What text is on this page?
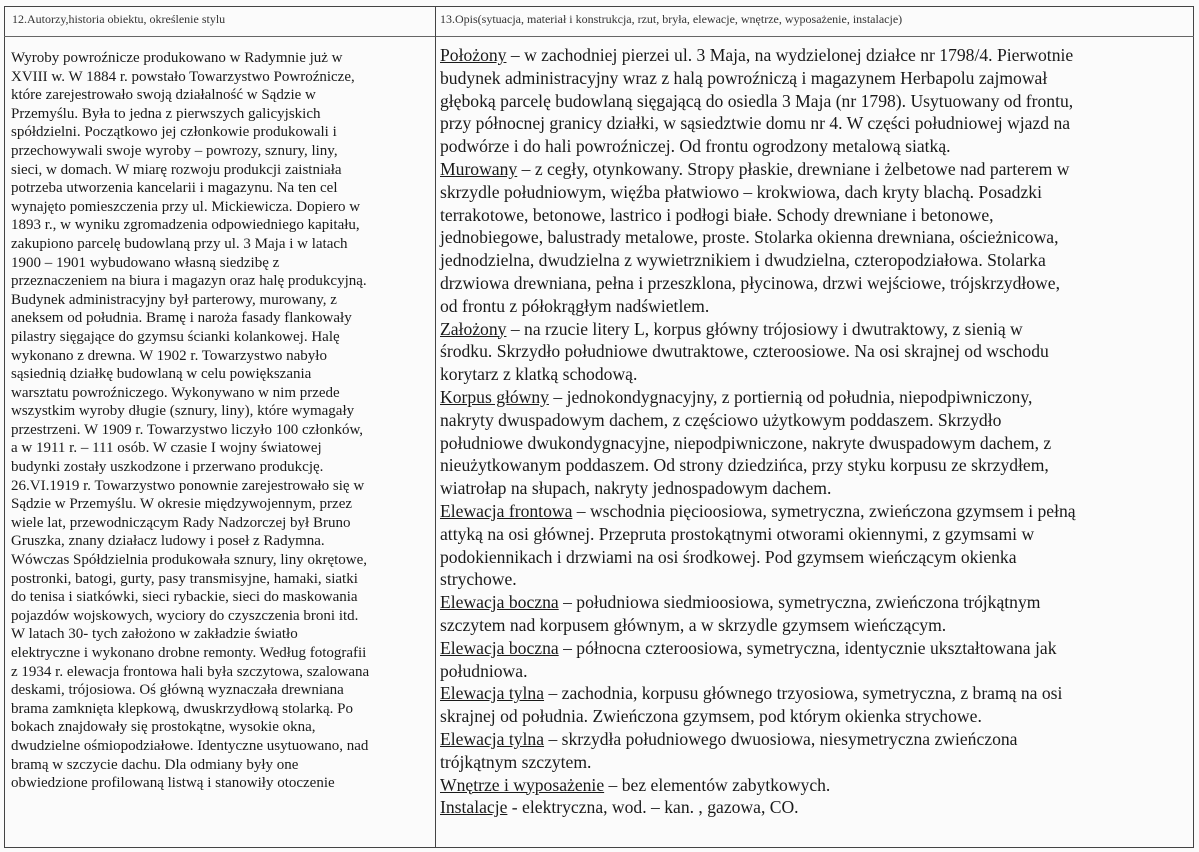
12.Autorzy,historia obiektu, określenie stylu	13.Opis(sytuacja, materiał i konstrukcja, rzut, bryła, elewacje, wnętrze, wyposażenie, instalacje)
Wyroby powroźnicze produkowano w Radymnie już w
XVIII w. W 1884 r. powstało Towarzystwo Powroźnicze,
które zarejestrowało swoją działalność w Sądzie w
Przemyślu. Była to jedna z pierwszych galicyjskich
spółdzielni. Początkowo jej członkowie produkowali i
przechowywali swoje wyroby – powrozy, sznury, liny,
sieci, w domach. W miarę rozwoju produkcji zaistniała
potrzeba utworzenia kancelarii i magazynu. Na ten cel
wynajęto pomieszczenia przy ul. Mickiewicza. Dopiero w
1893 r., w wyniku zgromadzenia odpowiedniego kapitału,
zakupiono parcelę budowlaną przy ul. 3 Maja i w latach
1900 – 1901 wybudowano własną siedzibę z
przeznaczeniem na biura i magazyn oraz halę produkcyjną.
Budynek administracyjny był parterowy, murowany, z
aneksem od południa. Bramę i naroża fasady flankowały
pilastry sięgające do gzymsu ścianki kolankowej. Halę
wykonano z drewna. W 1902 r. Towarzystwo nabyło
sąsiednią działkę budowlaną w celu powiększania
warsztatu powroźniczego. Wykonywano w nim przede
wszystkim wyroby długie (sznury, liny), które wymagały
przestrzeni. W 1909 r. Towarzystwo liczyło 100 członków,
a w 1911 r. – 111 osób. W czasie I wojny światowej
budynki zostały uszkodzone i przerwano produkcję.
26.VI.1919 r. Towarzystwo ponownie zarejestrowało się w
Sądzie w Przemyślu. W okresie międzywojennym, przez
wiele lat, przewodniczącym Rady Nadzorczej był Bruno
Gruszka, znany działacz ludowy i poseł z Radymna.
Wówczas Spółdzielnia produkowała sznury, liny okrętowe,
postronki, batogi, gurty, pasy transmisyjne, hamaki, siatki
do tenisa i siatkówki, sieci rybackie, sieci do maskowania
pojazdów wojskowych, wyciory do czyszczenia broni itd.
W latach 30- tych założono w zakładzie światło
elektryczne i wykonano drobne remonty. Według fotografii
z 1934 r. elewacja frontowa hali była szczytowa, szalowana
deskami, trójosiowa. Oś główną wyznaczała drewniana
brama zamknięta klepkową, dwuskrzydłową stolarką. Po
bokach znajdowały się prostokątne, wysokie okna,
dwudzielne ośmiopodziałowe. Identyczne usytuowano, nad
bramą w szczycie dachu. Dla odmiany były one
obwiedzione profilowaną listwą i stanowiły otoczenie
Położony – w zachodniej pierzei ul. 3 Maja, na wydzielonej działce nr 1798/4. Pierwotnie
budynek administracyjny wraz z halą powroźniczą i magazynem Herbapolu zajmował
głęboką parcelę budowlaną sięgającą do osiedla 3 Maja (nr 1798). Usytuowany od frontu,
przy północnej granicy działki, w sąsiedztwie domu nr 4. W części południowej wjazd na
podwórze i do hali powroźniczej. Od frontu ogrodzony metalową siatką.
Murowany – z cegły, otynkowany. Stropy płaskie, drewniane i żelbetowe nad parterem w
skrzydle południowym, więźba płatwiowo – krokwiowa, dach kryty blachą. Posadzki
terrakotowe, betonowe, lastrico i podłogi białe. Schody drewniane i betonowe,
jednobiegowe, balustrady metalowe, proste. Stolarka okienna drewniana, ościeżnicowa,
jednodzielna, dwudzielna z wywietrznikiem i dwudzielna, czteropodziałowa. Stolarka
drzwiowa drewniana, pełna i przeszklona, płycinowa, drzwi wejściowe, trójskrzydłowe,
od frontu z półokrągłym nadświetlem.
Założony – na rzucie litery L, korpus główny trójosiowy i dwutraktowy, z sienią w
środku. Skrzydło południowe dwutraktowe, czteroosiowe. Na osi skrajnej od wschodu
korytarz z klatką schodową.
Korpus główny – jednokondygnacyjny, z portiernią od południa, niepodpiwniczony,
nakryty dwuspadowym dachem, z częściowo użytkowym poddaszem. Skrzydło
południowe dwukondygnacyjne, niepodpiwniczone, nakryte dwuspadowym dachem, z
nieużytkowanym poddaszem. Od strony dziedzińca, przy styku korpusu ze skrzydłem,
wiatrołap na słupach, nakryty jednospadowym dachem.
Elewacja frontowa – wschodnia pięcioosiowa, symetryczna, zwieńczona gzymsem i pełną
attyką na osi głównej. Przepruta prostokątnymi otworami okiennymi, z gzymsami w
podokiennikach i drzwiami na osi środkowej. Pod gzymsem wieńczącym okienka
strychowe.
Elewacja boczna – południowa siedmioosiowa, symetryczna, zwieńczona trójkątnym
szczytem nad korpusem głównym, a w skrzydle gzymsem wieńczącym.
Elewacja boczna – północna czteroosiowa, symetryczna, identycznie ukształtowana jak
południowa.
Elewacja tylna – zachodnia, korpusu głównego trzyosiowa, symetryczna, z bramą na osi
skrajnej od południa. Zwieńczona gzymsem, pod którym okienka strychowe.
Elewacja tylna – skrzydła południowego dwuosiowa, niesymetryczna zwieńczona
trójkątnym szczytem.
Wnętrze i wyposażenie – bez elementów zabytkowych.
Instalacje - elektryczna, wod. – kan. , gazowa, CO.
